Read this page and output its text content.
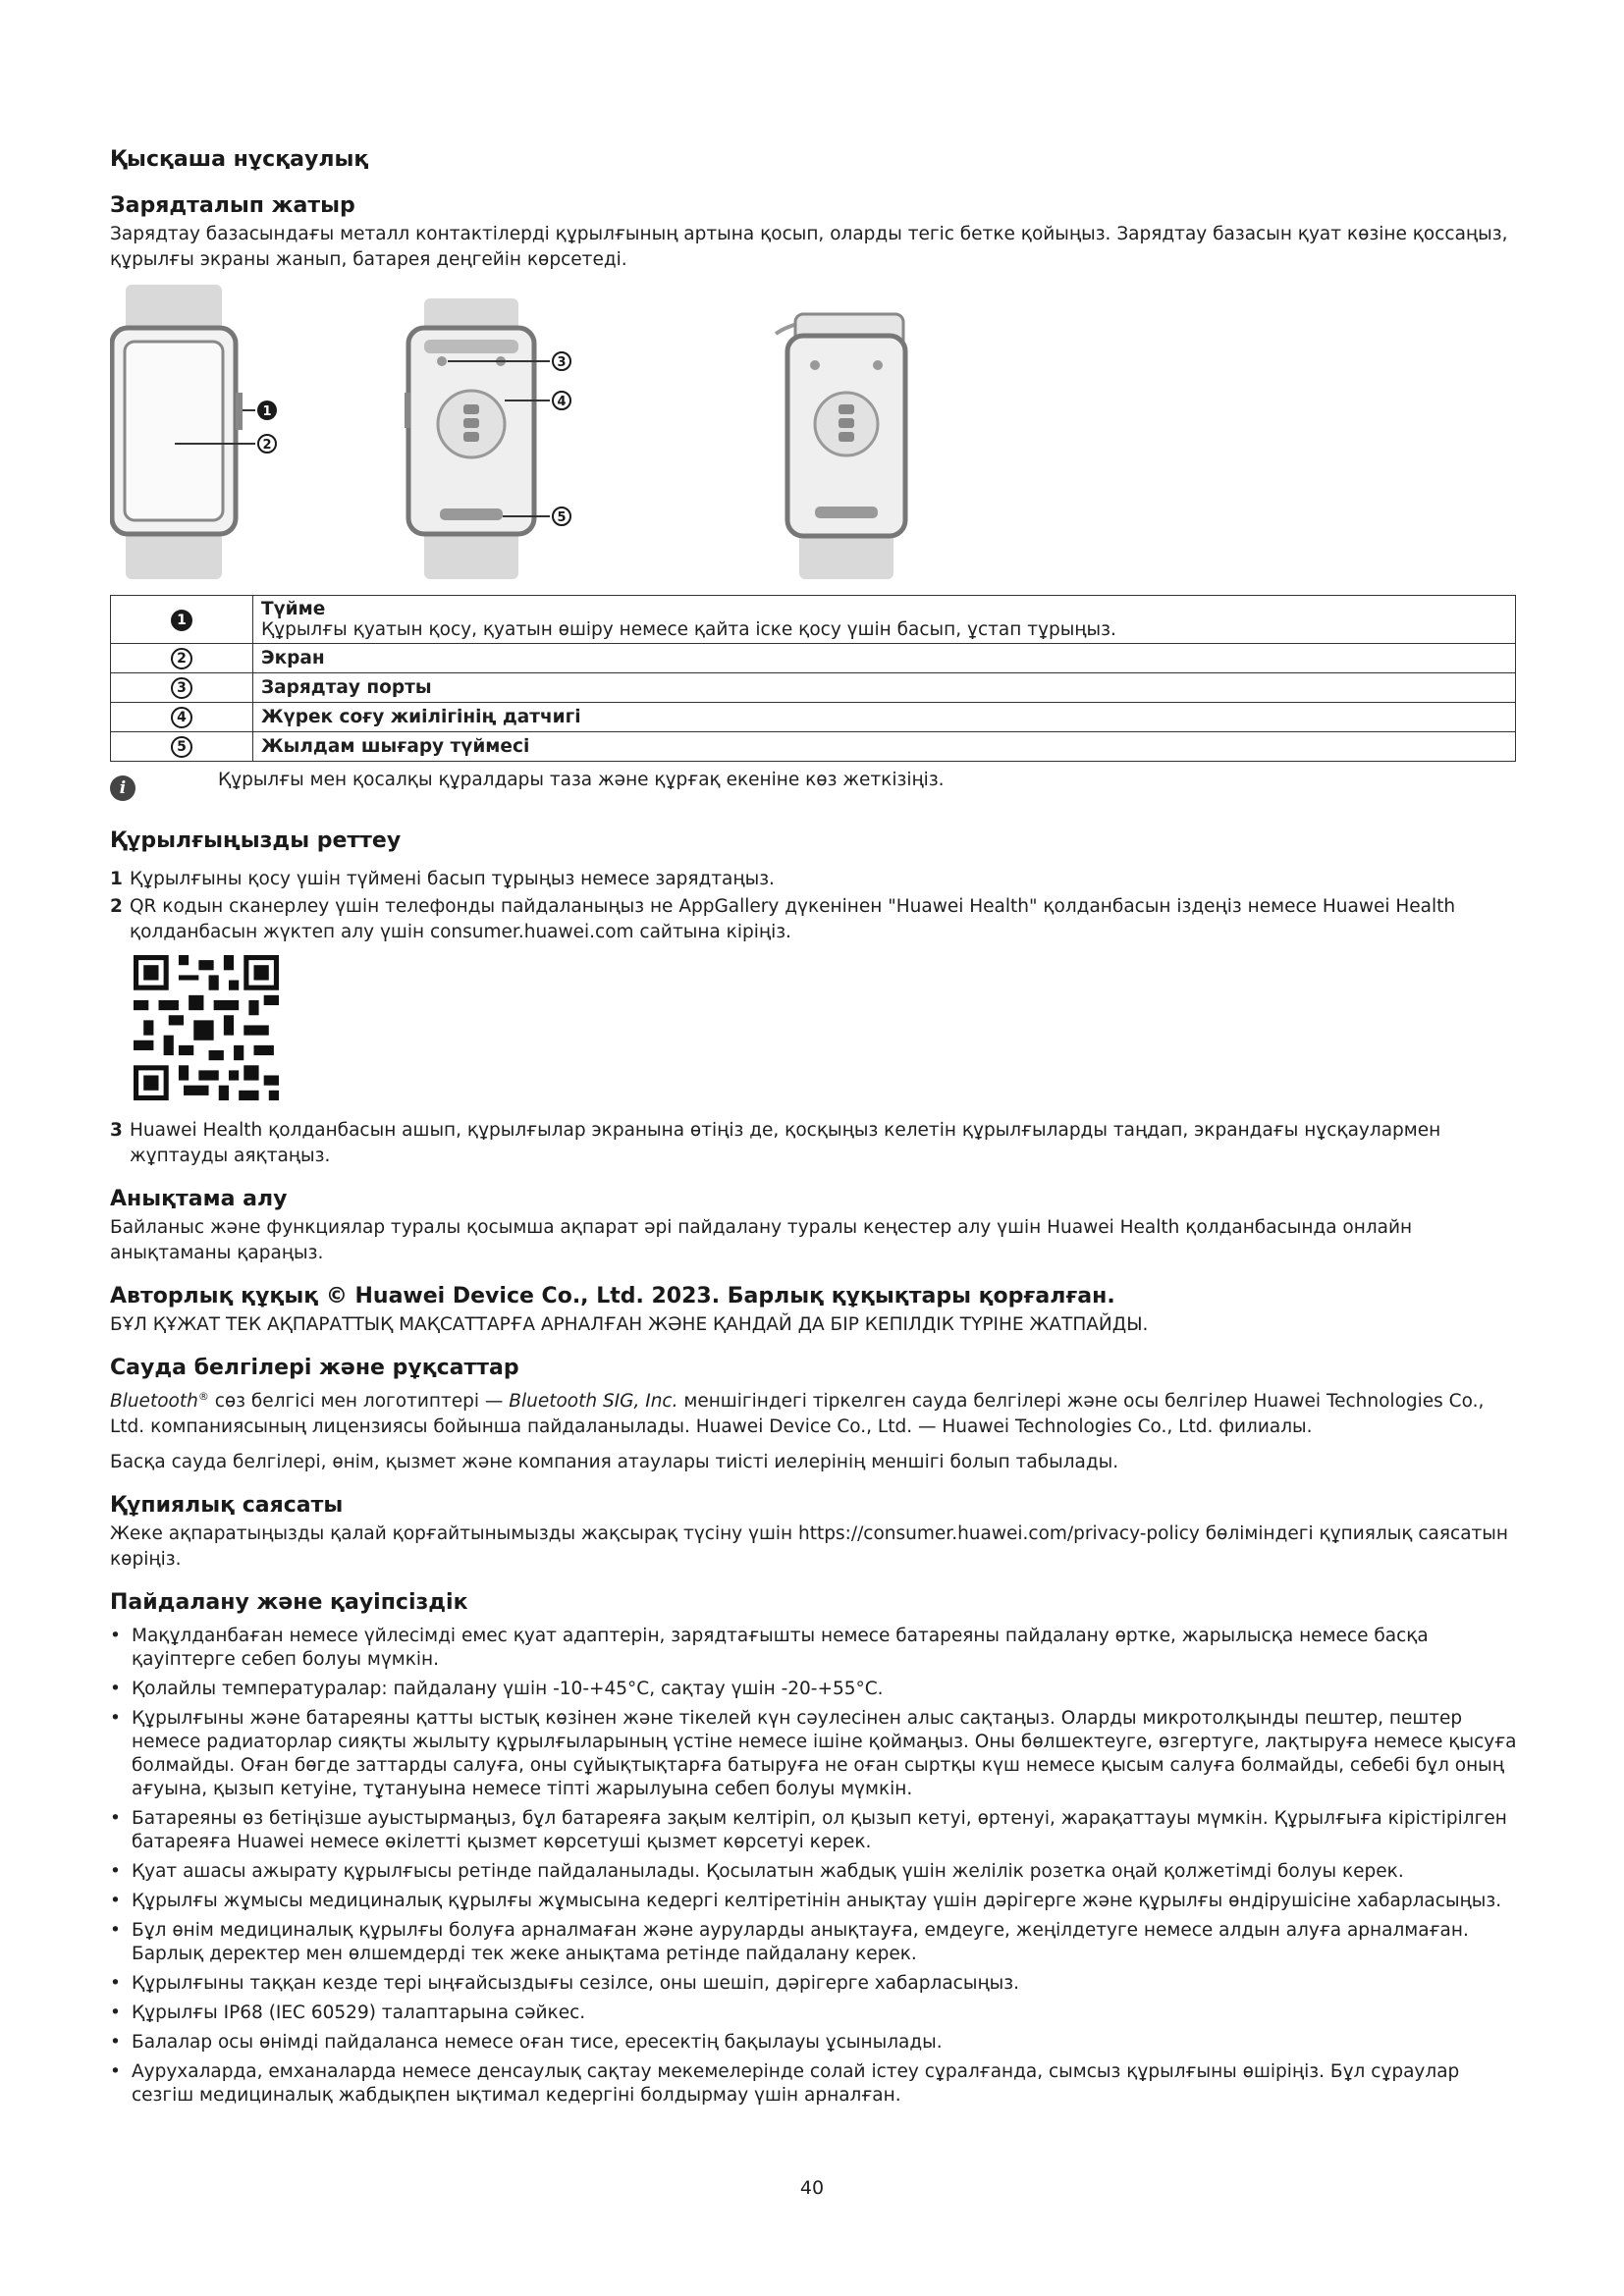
Қысқаша нұсқаулық
Зарядталып жатыр

Зарядтау базасындағы металл контактілерді құрылғының артына қосып, оларды тегіс бетке қойыңыз. Зарядтау базасын қуат көзіне қоссаңыз, құрылғы экраны жанып, батарея деңгейін көрсетеді.

1
2
3
4
5
1	Түйме
Құрылғы қуатын қосу, қуатын өшіру немесе қайта іске қосу үшін басып, ұстап тұрыңыз.

2	Экран
3	Зарядтау порты
4	Жүрек соғу жиілігінің датчигі
5	Жылдам шығару түймесі
i	Құрылғы мен қосалқы құралдары таза және құрғақ екеніне көз жеткізіңіз.
Құрылғыңызды реттеу
1 Құрылғыны қосу үшін түймені басып тұрыңыз немесе зарядтаңыз.
2 QR кодын сканерлеу үшін телефонды пайдаланыңыз не AppGallery дүкенінен "Huawei Health" қолданбасын іздеңіз немесе Huawei Health қолданбасын жүктеп алу үшін consumer.huawei.com сайтына кіріңіз.
3 Huawei Health қолданбасын ашып, құрылғылар экранына өтіңіз де, қосқыңыз келетін құрылғыларды таңдап, экрандағы нұсқаулармен жұптауды аяқтаңыз.
Анықтама алу

Байланыс және функциялар туралы қосымша ақпарат әрі пайдалану туралы кеңестер алу үшін Huawei Health қолданбасында онлайн анықтаманы қараңыз.

Авторлық құқық © Huawei Device Co., Ltd. 2023. Барлық құқықтары қорғалған.

БҰЛ ҚҰЖАТ ТЕК АҚПАРАТТЫҚ МАҚСАТТАРҒА АРНАЛҒАН ЖӘНЕ ҚАНДАЙ ДА БІР КЕПІЛДІК ТҮРІНЕ ЖАТПАЙДЫ.

Сауда белгілері және рұқсаттар

Bluetooth® сөз белгісі мен логотиптері — Bluetooth SIG, Inc. меншігіндегі тіркелген сауда белгілері және осы белгілер Huawei Technologies Co., Ltd. компаниясының лицензиясы бойынша пайдаланылады. Huawei Device Co., Ltd. — Huawei Technologies Co., Ltd. филиалы.

Басқа сауда белгілері, өнім, қызмет және компания атаулары тиісті иелерінің меншігі болып табылады.

Құпиялық саясаты

Жеке ақпаратыңызды қалай қорғайтынымызды жақсырақ түсіну үшін https://consumer.huawei.com/privacy-policy бөліміндегі құпиялық саясатын көріңіз.

Пайдалану және қауіпсіздік
• Мақұлданбаған немесе үйлесімді емес қуат адаптерін, зарядтағышты немесе батареяны пайдалану өртке, жарылысқа немесе басқа қауіптерге себеп болуы мүмкін.
• Қолайлы температуралар: пайдалану үшін -10-+45°C, сақтау үшін -20-+55°C.
• Құрылғыны және батареяны қатты ыстық көзінен және тікелей күн сәулесінен алыс сақтаңыз. Оларды микротолқынды пештер, пештер немесе радиаторлар сияқты жылыту құрылғыларының үстіне немесе ішіне қоймаңыз. Оны бөлшектеуге, өзгертуге, лақтыруға немесе қысуға болмайды. Оған бөгде заттарды салуға, оны сұйықтықтарға батыруға не оған сыртқы күш немесе қысым салуға болмайды, себебі бұл оның ағуына, қызып кетуіне, тұтануына немесе тіпті жарылуына себеп болуы мүмкін.
• Батареяны өз бетіңізше ауыстырмаңыз, бұл батареяға зақым келтіріп, ол қызып кетуі, өртенуі, жарақаттауы мүмкін. Құрылғыға кірістірілген батареяға Huawei немесе өкілетті қызмет көрсетуші қызмет көрсетуі керек.
• Қуат ашасы ажырату құрылғысы ретінде пайдаланылады. Қосылатын жабдық үшін желілік розетка оңай қолжетімді болуы керек.
• Құрылғы жұмысы медициналық құрылғы жұмысына кедергі келтіретінін анықтау үшін дәрігерге және құрылғы өндірушісіне хабарласыңыз.
• Бұл өнім медициналық құрылғы болуға арналмаған және ауруларды анықтауға, емдеуге, жеңілдетуге немесе алдын алуға арналмаған. Барлық деректер мен өлшемдерді тек жеке анықтама ретінде пайдалану керек.
• Құрылғыны таққан кезде тері ыңғайсыздығы сезілсе, оны шешіп, дәрігерге хабарласыңыз.
• Құрылғы IP68 (IEC 60529) талаптарына сәйкес.
• Балалар осы өнімді пайдаланса немесе оған тисе, ересектің бақылауы ұсынылады.
• Аурухаларда, емханаларда немесе денсаулық сақтау мекемелерінде солай істеу сұралғанда, сымсыз құрылғыны өшіріңіз. Бұл сұраулар сезгіш медициналық жабдықпен ықтимал кедергіні болдырмау үшін арналған.
40
